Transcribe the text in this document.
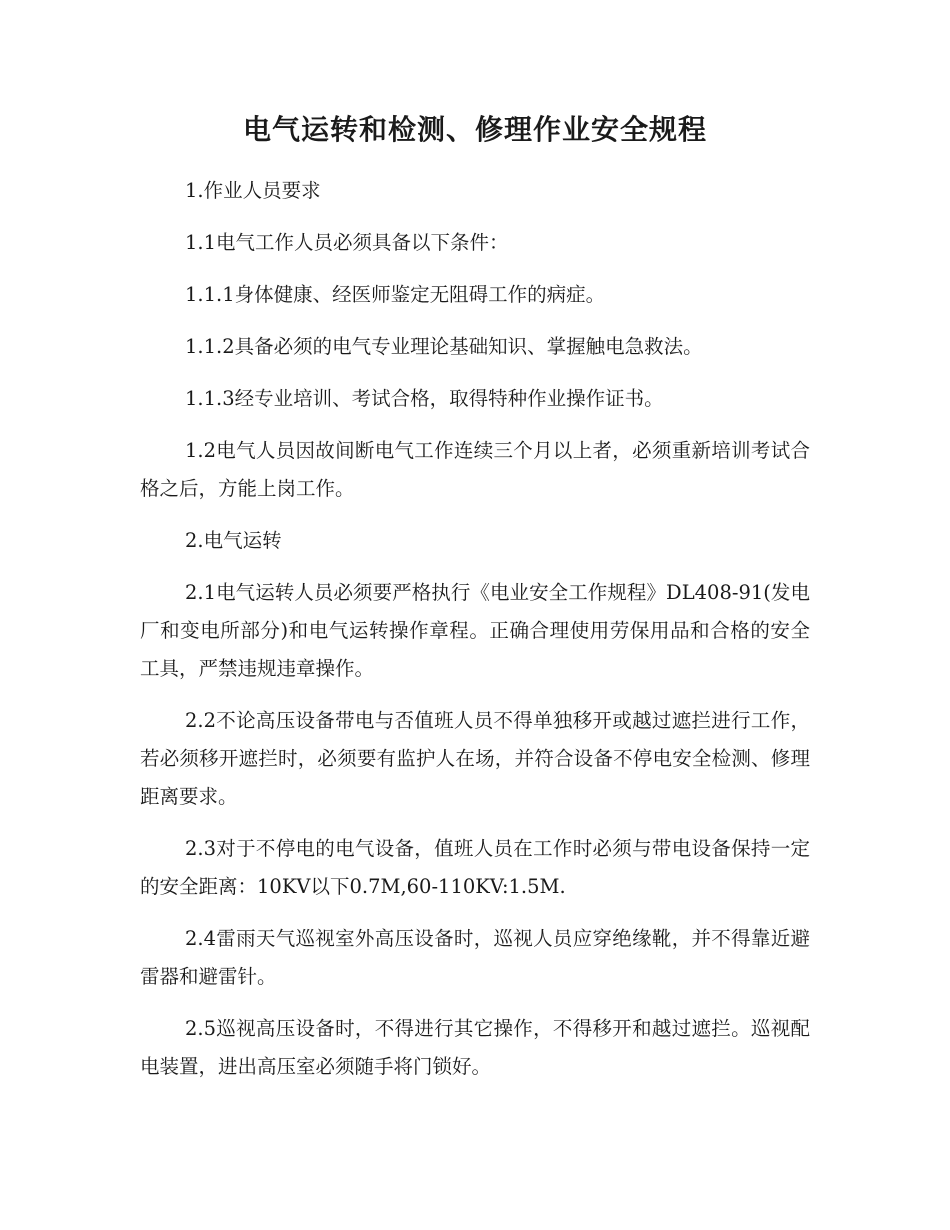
电气运转和检测、修理作业安全规程

1.作业人员要求

1.1电气工作人员必须具备以下条件：

1.1.1身体健康、经医师鉴定无阻碍工作的病症。

1.1.2具备必须的电气专业理论基础知识、掌握触电急救法。

1.1.3经专业培训、考试合格，取得特种作业操作证书。

1.2电气人员因故间断电气工作连续三个月以上者，必须重新培训考试合格之后，方能上岗工作。

2.电气运转

2.1电气运转人员必须要严格执行《电业安全工作规程》DL408-91(发电厂和变电所部分)和电气运转操作章程。正确合理使用劳保用品和合格的安全工具，严禁违规违章操作。

2.2不论高压设备带电与否值班人员不得单独移开或越过遮拦进行工作，若必须移开遮拦时，必须要有监护人在场，并符合设备不停电安全检测、修理距离要求。

2.3对于不停电的电气设备，值班人员在工作时必须与带电设备保持一定的安全距离：10KV以下0.7M,60-110KV:1.5M.

2.4雷雨天气巡视室外高压设备时，巡视人员应穿绝缘靴，并不得靠近避雷器和避雷针。

2.5巡视高压设备时，不得进行其它操作，不得移开和越过遮拦。巡视配电装置，进出高压室必须随手将门锁好。
